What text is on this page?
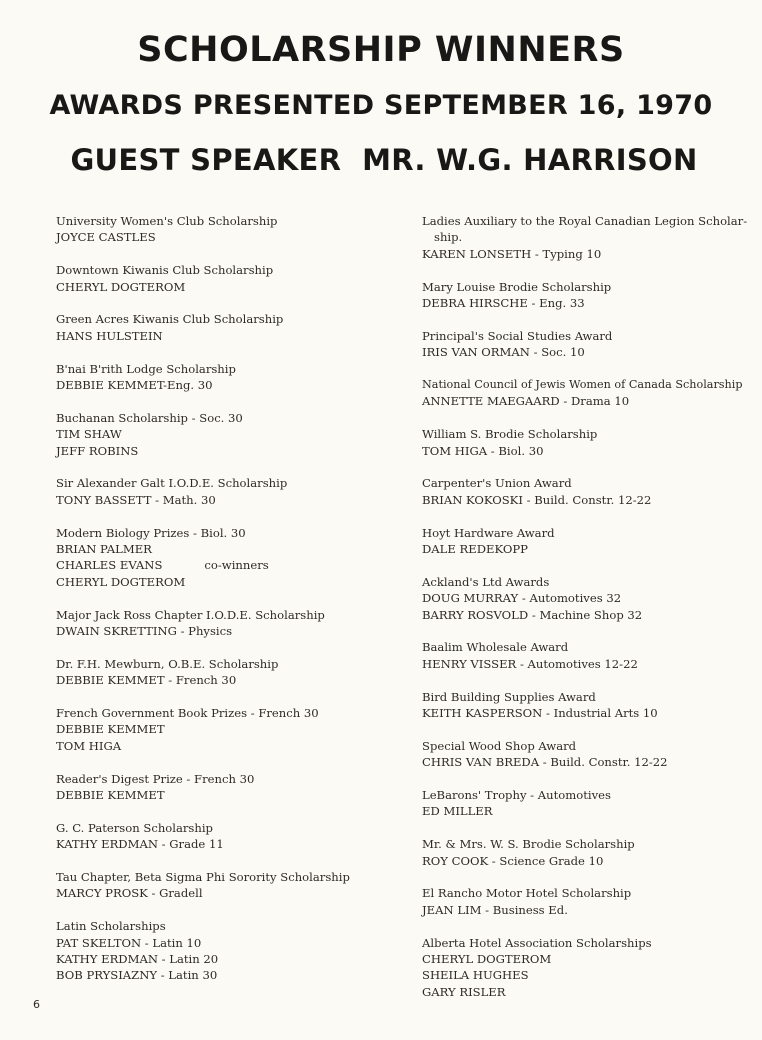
SCHOLARSHIP WINNERS
AWARDS PRESENTED SEPTEMBER 16, 1970
GUEST SPEAKER  MR. W.G. HARRISON
University Women's Club Scholarship
JOYCE CASTLES
Downtown Kiwanis Club Scholarship
CHERYL DOGTEROM
Green Acres Kiwanis Club Scholarship
HANS HULSTEIN
B'nai B'rith Lodge Scholarship
DEBBIE KEMMET-Eng. 30
Buchanan Scholarship - Soc. 30
TIM SHAW
JEFF ROBINS
Sir Alexander Galt I.O.D.E. Scholarship
TONY BASSETT - Math. 30
Modern Biology Prizes - Biol. 30
BRIAN PALMER
CHARLES EVANS	co-winners
CHERYL DOGTEROM
Major Jack Ross Chapter I.O.D.E. Scholarship
DWAIN SKRETTING - Physics
Dr. F.H. Mewburn, O.B.E. Scholarship
DEBBIE KEMMET - French 30
French Government Book Prizes - French 30
DEBBIE KEMMET
TOM HIGA
Reader's Digest Prize - French 30
DEBBIE KEMMET
G. C. Paterson Scholarship
KATHY ERDMAN - Grade 11
Tau Chapter, Beta Sigma Phi Sorority Scholarship
MARCY PROSK - Gradell
Latin Scholarships
PAT SKELTON - Latin 10
KATHY ERDMAN - Latin 20
BOB PRYSIAZNY - Latin 30
Ladies Auxiliary to the Royal Canadian Legion Scholar-
ship.
KAREN LONSETH - Typing 10
Mary Louise Brodie Scholarship
DEBRA HIRSCHE - Eng. 33
Principal's Social Studies Award
IRIS VAN ORMAN - Soc. 10
National Council of Jewis Women of Canada Scholarship
ANNETTE MAEGAARD - Drama 10
William S. Brodie Scholarship
TOM HIGA - Biol. 30
Carpenter's Union Award
BRIAN KOKOSKI - Build. Constr. 12-22
Hoyt Hardware Award
DALE REDEKOPP
Ackland's Ltd Awards
DOUG MURRAY - Automotives 32
BARRY ROSVOLD - Machine Shop 32
Baalim Wholesale Award
HENRY VISSER - Automotives 12-22
Bird Building Supplies Award
KEITH KASPERSON - Industrial Arts 10
Special Wood Shop Award
CHRIS VAN BREDA - Build. Constr. 12-22
LeBarons' Trophy - Automotives
ED MILLER
Mr. & Mrs. W. S. Brodie Scholarship
ROY COOK - Science Grade 10
El Rancho Motor Hotel Scholarship
JEAN LIM - Business Ed.
Alberta Hotel Association Scholarships
CHERYL DOGTEROM
SHEILA HUGHES
GARY RISLER
6
